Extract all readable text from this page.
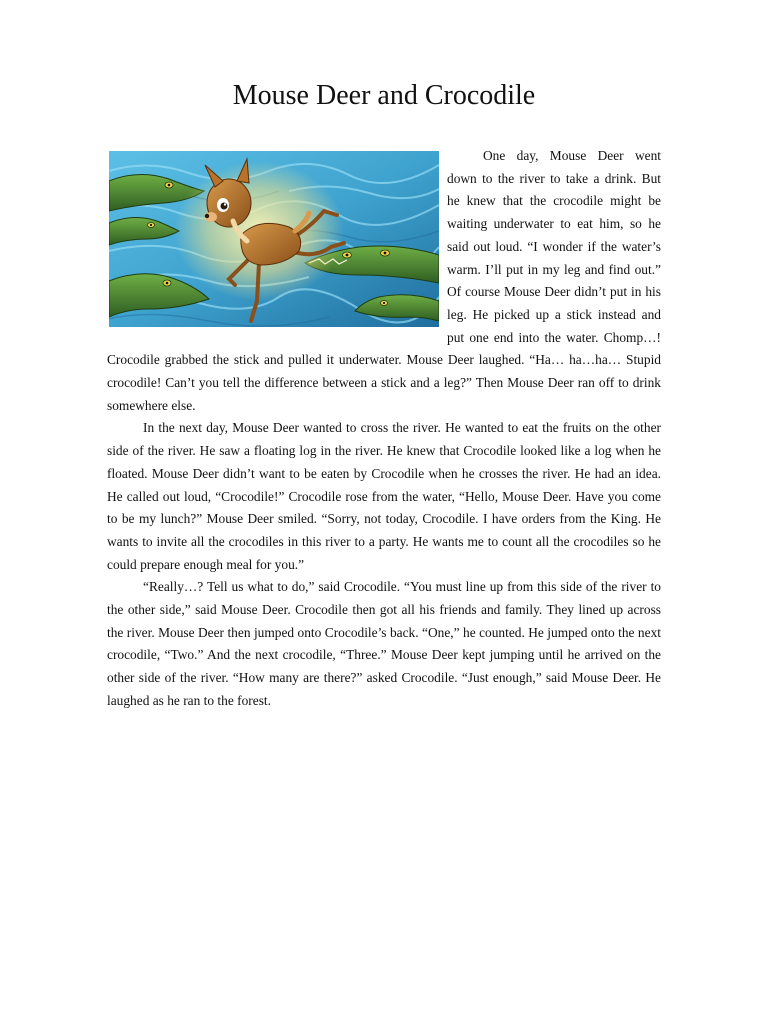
Mouse Deer and Crocodile

One day, Mouse Deer went down to the river to take a drink. But he knew that the crocodile might be waiting underwater to eat him, so he said out loud. “I wonder if the water’s warm. I’ll put in my leg and find out.” Of course Mouse Deer didn’t put in his leg. He picked up a stick instead and put one end into the water. Chomp…! Crocodile grabbed the stick and pulled it underwater. Mouse Deer laughed. “Ha… ha…ha… Stupid crocodile! Can’t you tell the difference between a stick and a leg?” Then Mouse Deer ran off to drink somewhere else.

In the next day, Mouse Deer wanted to cross the river. He wanted to eat the fruits on the other side of the river. He saw a floating log in the river. He knew that Crocodile looked like a log when he floated. Mouse Deer didn’t want to be eaten by Crocodile when he crosses the river. He had an idea. He called out loud, “Crocodile!” Crocodile rose from the water, “Hello, Mouse Deer. Have you come to be my lunch?” Mouse Deer smiled. “Sorry, not today, Crocodile. I have orders from the King. He wants to invite all the crocodiles in this river to a party. He wants me to count all the crocodiles so he could prepare enough meal for you.”

“Really…? Tell us what to do,” said Crocodile. “You must line up from this side of the river to the other side,” said Mouse Deer. Crocodile then got all his friends and family. They lined up across the river. Mouse Deer then jumped onto Crocodile’s back. “One,” he counted. He jumped onto the next crocodile, “Two.” And the next crocodile, “Three.” Mouse Deer kept jumping until he arrived on the other side of the river. “How many are there?” asked Crocodile. “Just enough,” said Mouse Deer. He laughed as he ran to the forest.
